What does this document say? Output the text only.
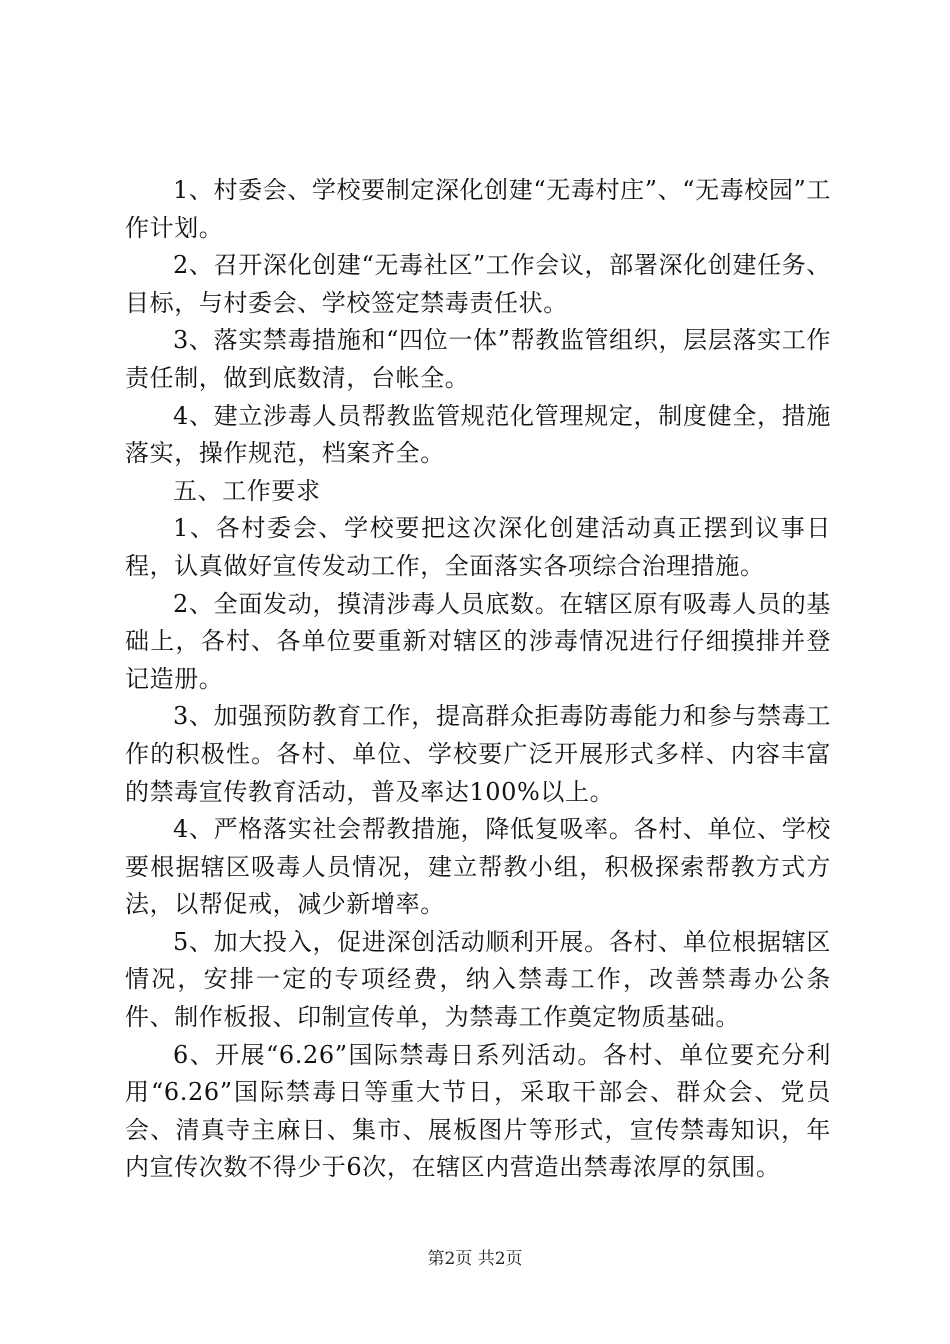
1、村委会、学校要制定深化创建“无毒村庄”、“无毒校园”工作计划。

2、召开深化创建“无毒社区”工作会议，部署深化创建任务、目标，与村委会、学校签定禁毒责任状。

3、落实禁毒措施和“四位一体”帮教监管组织，层层落实工作责任制，做到底数清，台帐全。

4、建立涉毒人员帮教监管规范化管理规定，制度健全，措施落实，操作规范，档案齐全。

五、工作要求

1、各村委会、学校要把这次深化创建活动真正摆到议事日程，认真做好宣传发动工作，全面落实各项综合治理措施。

2、全面发动，摸清涉毒人员底数。在辖区原有吸毒人员的基础上，各村、各单位要重新对辖区的涉毒情况进行仔细摸排并登记造册。

3、加强预防教育工作，提高群众拒毒防毒能力和参与禁毒工作的积极性。各村、单位、学校要广泛开展形式多样、内容丰富的禁毒宣传教育活动，普及率达100%以上。

4、严格落实社会帮教措施，降低复吸率。各村、单位、学校要根据辖区吸毒人员情况，建立帮教小组，积极探索帮教方式方法，以帮促戒，减少新增率。

5、加大投入，促进深创活动顺利开展。各村、单位根据辖区情况，安排一定的专项经费，纳入禁毒工作，改善禁毒办公条件、制作板报、印制宣传单，为禁毒工作奠定物质基础。

6、开展“6.26”国际禁毒日系列活动。各村、单位要充分利用“6.26”国际禁毒日等重大节日，采取干部会、群众会、党员会、清真寺主麻日、集市、展板图片等形式，宣传禁毒知识，年内宣传次数不得少于6次，在辖区内营造出禁毒浓厚的氛围。

第2页 共2页
